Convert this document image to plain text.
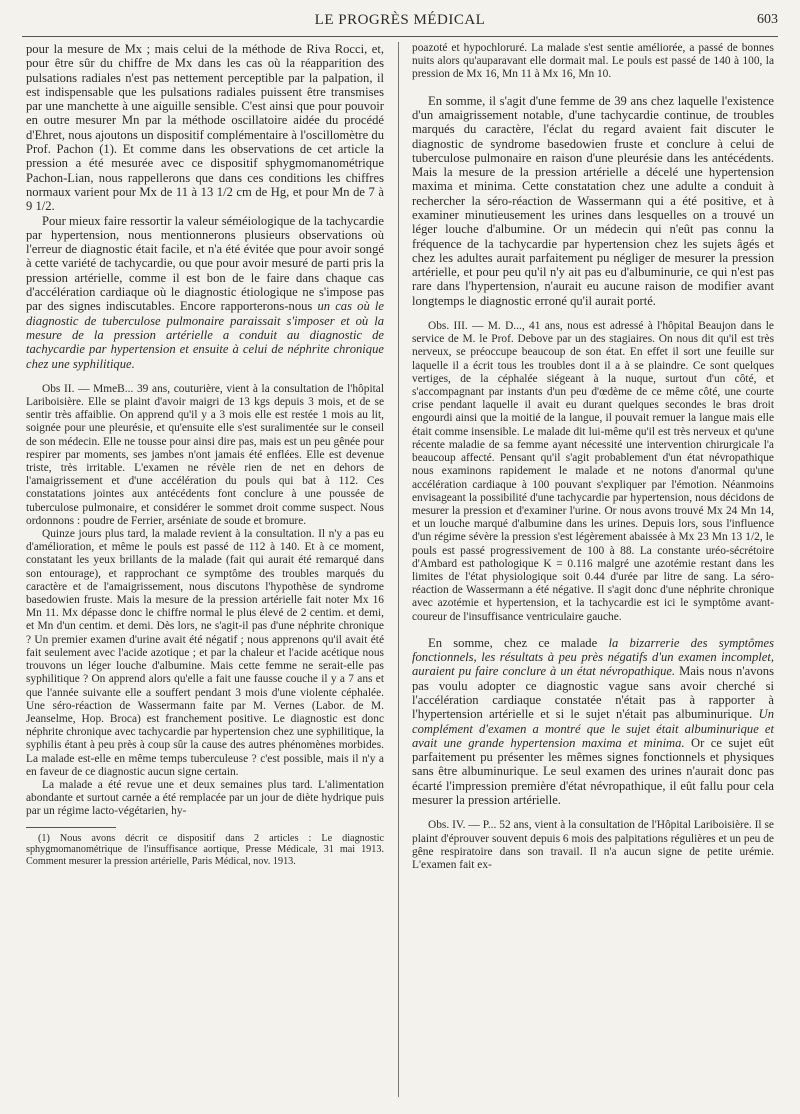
LE PROGRÈS MÉDICAL	603

pour la mesure de Mx ; mais celui de la méthode de Riva Rocci, et, pour être sûr du chiffre de Mx dans les cas où la réapparition des pulsations radiales n'est pas nettement perceptible par la palpation, il est indispensable que les pulsations radiales puissent être transmises par une manchette à une aiguille sensible. C'est ainsi que pour pouvoir en outre mesurer Mn par la méthode oscillatoire aidée du procédé d'Ehret, nous ajoutons un dispositif complémentaire à l'oscillomètre du Prof. Pachon (1). Et comme dans les observations de cet article la pression a été mesurée avec ce dispositif sphygmomanométrique Pachon-Lian, nous rappellerons que dans ces conditions les chiffres normaux varient pour Mx de 11 à 13 1/2 cm de Hg, et pour Mn de 7 à 9 1/2.

Pour mieux faire ressortir la valeur séméiologique de la tachycardie par hypertension, nous mentionnerons plusieurs observations où l'erreur de diagnostic était facile, et n'a été évitée que pour avoir songé à cette variété de tachycardie, ou que pour avoir mesuré de parti pris la pression artérielle, comme il est bon de le faire dans chaque cas d'accélération cardiaque où le diagnostic étiologique ne s'impose pas par des signes indiscutables. Encore rapporterons-nous un cas où le diagnostic de tuberculose pulmonaire paraissait s'imposer et où la mesure de la pression artérielle a conduit au diagnostic de tachycardie par hypertension et ensuite à celui de néphrite chronique chez une syphilitique.

Obs II. — MmeB... 39 ans, couturière, vient à la consultation de l'hôpital Lariboisière. Elle se plaint d'avoir maigri de 13 kgs depuis 3 mois, et de se sentir très affaiblie. On apprend qu'il y a 3 mois elle est restée 1 mois au lit, soignée pour une pleurésie, et qu'ensuite elle s'est suralimentée sur le conseil de son médecin. Elle ne tousse pour ainsi dire pas, mais est un peu gênée pour respirer par moments, ses jambes n'ont jamais été enflées. Elle est devenue triste, très irritable. L'examen ne révèle rien de net en dehors de l'amaigrissement et d'une accélération du pouls qui bat à 112. Ces constatations jointes aux antécédents font conclure à une poussée de tuberculose pulmonaire, et considérer le sommet droit comme suspect. Nous ordonnons : poudre de Ferrier, arséniate de soude et bromure.

Quinze jours plus tard, la malade revient à la consultation. Il n'y a pas eu d'amélioration, et même le pouls est passé de 112 à 140. Et à ce moment, constatant les yeux brillants de la malade (fait qui aurait été remarqué dans son entourage), et rapprochant ce symptôme des troubles marqués du caractère et de l'amaigrissement, nous discutons l'hypothèse de syndrome basedowien fruste. Mais la mesure de la pression artérielle fait noter Mx 16 Mn 11. Mx dépasse donc le chiffre normal le plus élevé de 2 centim. et demi, et Mn d'un centim. et demi. Dès lors, ne s'agit-il pas d'une néphrite chronique ? Un premier examen d'urine avait été négatif ; nous apprenons qu'il avait été fait seulement avec l'acide azotique ; et par la chaleur et l'acide acétique nous trouvons un léger louche d'albumine. Mais cette femme ne serait-elle pas syphilitique ? On apprend alors qu'elle a fait une fausse couche il y a 7 ans et que l'année suivante elle a souffert pendant 3 mois d'une violente céphalée. Une séro-réaction de Wassermann faite par M. Vernes (Labor. de M. Jeanselme, Hop. Broca) est franchement positive. Le diagnostic est donc néphrite chronique avec tachycardie par hypertension chez une syphilitique, la syphilis étant à peu près à coup sûr la cause des autres phénomènes morbides. La malade est-elle en même temps tuberculeuse ? c'est possible, mais il n'y a en faveur de ce diagnostic aucun signe certain.

La malade a été revue une et deux semaines plus tard. L'alimentation abondante et surtout carnée a été remplacée par un jour de diète hydrique puis par un régime lacto-végétarien, hy-

(1) Nous avons décrit ce dispositif dans 2 articles : Le diagnostic sphygmomanométrique de l'insuffisance aortique, Presse Médicale, 31 mai 1913. Comment mesurer la pression artérielle, Paris Médical, nov. 1913.

poazoté et hypochloruré. La malade s'est sentie améliorée, a passé de bonnes nuits alors qu'auparavant elle dormait mal. Le pouls est passé de 140 à 100, la pression de Mx 16, Mn 11 à Mx 16, Mn 10.

En somme, il s'agit d'une femme de 39 ans chez laquelle l'existence d'un amaigrissement notable, d'une tachycardie continue, de troubles marqués du caractère, l'éclat du regard avaient fait discuter le diagnostic de syndrome basedowien fruste et conclure à celui de tuberculose pulmonaire en raison d'une pleurésie dans les antécédents. Mais la mesure de la pression artérielle a décelé une hypertension maxima et minima. Cette constatation chez une adulte a conduit à rechercher la séro-réaction de Wassermann qui a été positive, et à examiner minutieusement les urines dans lesquelles on a trouvé un léger louche d'albumine. Or un médecin qui n'eût pas connu la fréquence de la tachycardie par hypertension chez les sujets âgés et chez les adultes aurait parfaitement pu négliger de mesurer la pression artérielle, et pour peu qu'il n'y ait pas eu d'albuminurie, ce qui n'est pas rare dans l'hypertension, n'aurait eu aucune raison de modifier avant longtemps le diagnostic erroné qu'il aurait porté.

Obs. III. — M. D..., 41 ans, nous est adressé à l'hôpital Beaujon dans le service de M. le Prof. Debove par un des stagiaires. On nous dit qu'il est très nerveux, se préoccupe beaucoup de son état. En effet il sort une feuille sur laquelle il a écrit tous les troubles dont il a à se plaindre. Ce sont quelques vertiges, de la céphalée siégeant à la nuque, surtout d'un côté, et s'accompagnant par instants d'un peu d'œdème de ce même côté, une courte crise pendant laquelle il avait eu durant quelques secondes le bras droit engourdi ainsi que la moitié de la langue, il pouvait remuer la langue mais elle était comme insensible. Le malade dit lui-même qu'il est très nerveux et qu'une récente maladie de sa femme ayant nécessité une intervention chirurgicale l'a beaucoup affecté. Pensant qu'il s'agit probablement d'un état névropathique nous examinons rapidement le malade et ne notons d'anormal qu'une accélération cardiaque à 100 pouvant s'expliquer par l'émotion. Néanmoins envisageant la possibilité d'une tachycardie par hypertension, nous décidons de mesurer la pression et d'examiner l'urine. Or nous avons trouvé Mx 24 Mn 14, et un louche marqué d'albumine dans les urines. Depuis lors, sous l'influence d'un régime sévère la pression s'est légèrement abaissée à Mx 23 Mn 13 1/2, le pouls est passé progressivement de 100 à 88. La constante uréo-sécrétoire d'Ambard est pathologique K = 0.116 malgré une azotémie restant dans les limites de l'état physiologique soit 0.44 d'urée par litre de sang. La séro-réaction de Wassermann a été négative. Il s'agit donc d'une néphrite chronique avec azotémie et hypertension, et la tachycardie est ici le symptôme avant-coureur de l'insuffisance ventriculaire gauche.

En somme, chez ce malade la bizarrerie des symptômes fonctionnels, les résultats à peu près négatifs d'un examen incomplet, auraient pu faire conclure à un état névropathique. Mais nous n'avons pas voulu adopter ce diagnostic vague sans avoir cherché si l'accélération cardiaque constatée n'était pas à rapporter à l'hypertension artérielle et si le sujet n'était pas albuminurique. Un complément d'examen a montré que le sujet était albuminurique et avait une grande hypertension maxima et minima. Or ce sujet eût parfaitement pu présenter les mêmes signes fonctionnels et physiques sans être albuminurique. Le seul examen des urines n'aurait donc pas écarté l'impression première d'état névropathique, il eût fallu pour cela mesurer la pression artérielle.

Obs. IV. — P... 52 ans, vient à la consultation de l'Hôpital Lariboisière. Il se plaint d'éprouver souvent depuis 6 mois des palpitations régulières et un peu de gêne respiratoire dans son travail. Il n'a aucun signe de petite urémie. L'examen fait ex-
